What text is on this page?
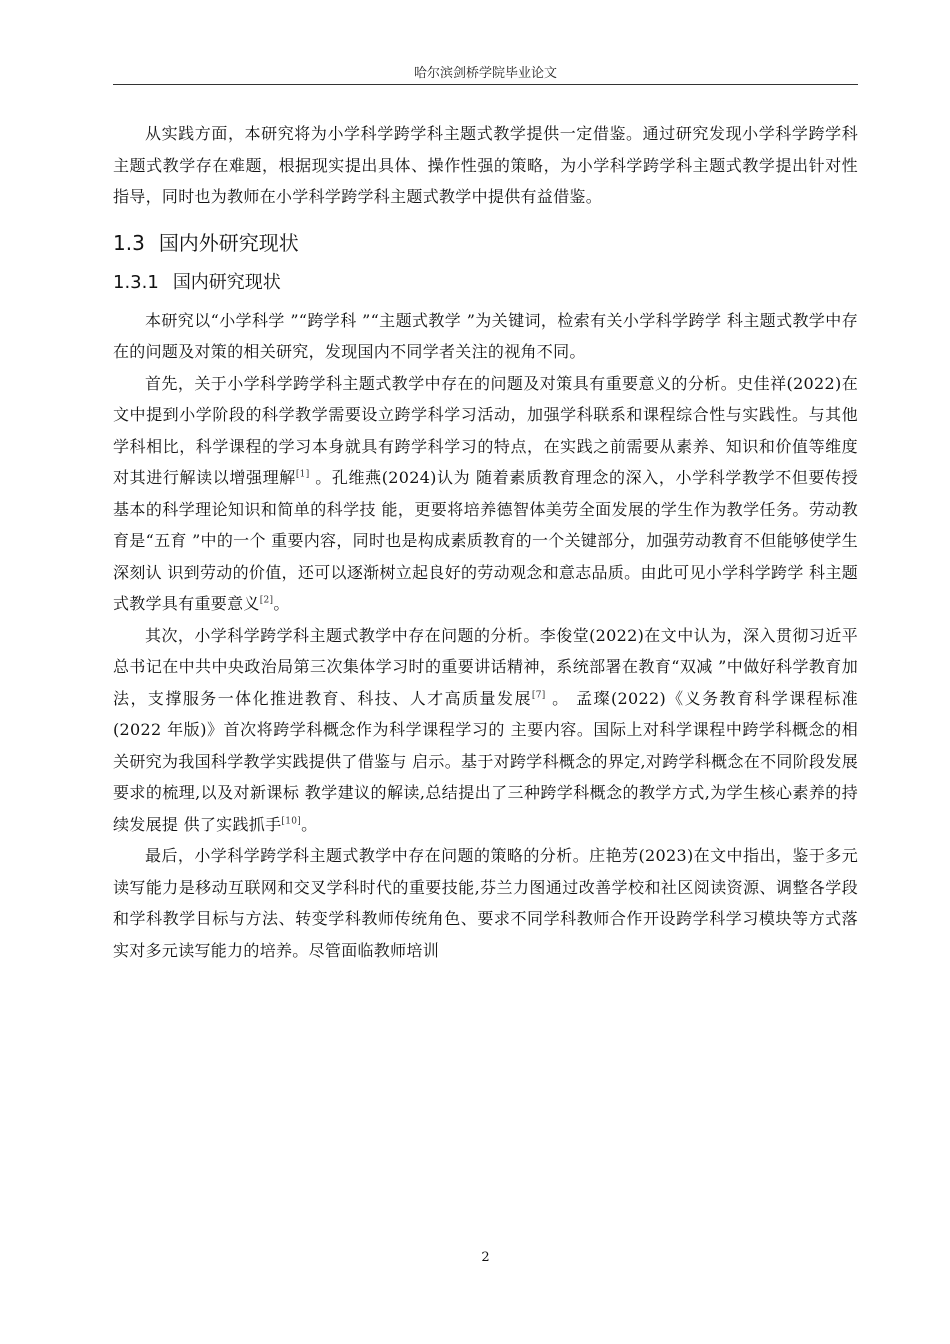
哈尔滨剑桥学院毕业论文

从实践方面，本研究将为小学科学跨学科主题式教学提供一定借鉴。通过研究发现小学科学跨学科主题式教学存在难题，根据现实提出具体、操作性强的策略，为小学科学跨学科主题式教学提出针对性指导，同时也为教师在小学科学跨学科主题式教学中提供有益借鉴。

1.3 国内外研究现状
1.3.1 国内研究现状

本研究以“小学科学 ”“跨学科 ”“主题式教学 ”为关键词，检索有关小学科学跨学 科主题式教学中存在的问题及对策的相关研究，发现国内不同学者关注的视角不同。

首先，关于小学科学跨学科主题式教学中存在的问题及对策具有重要意义的分析。史佳祥(2022)在文中提到小学阶段的科学教学需要设立跨学科学习活动，加强学科联系和课程综合性与实践性。与其他学科相比，科学课程的学习本身就具有跨学科学习的特点，在实践之前需要从素养、知识和价值等维度对其进行解读以增强理解[1] 。孔维燕(2024)认为 随着素质教育理念的深入，小学科学教学不但要传授基本的科学理论知识和简单的科学技 能，更要将培养德智体美劳全面发展的学生作为教学任务。劳动教育是“五育 ”中的一个 重要内容，同时也是构成素质教育的一个关键部分，加强劳动教育不但能够使学生深刻认 识到劳动的价值，还可以逐渐树立起良好的劳动观念和意志品质。由此可见小学科学跨学 科主题式教学具有重要意义[2]。

其次，小学科学跨学科主题式教学中存在问题的分析。李俊堂(2022)在文中认为，深入贯彻习近平总书记在中共中央政治局第三次集体学习时的重要讲话精神，系统部署在教育“双减 ”中做好科学教育加法，支撑服务一体化推进教育、科技、人才高质量发展[7] 。 孟璨(2022)《义务教育科学课程标准(2022 年版)》首次将跨学科概念作为科学课程学习的 主要内容。国际上对科学课程中跨学科概念的相关研究为我国科学教学实践提供了借鉴与 启示。基于对跨学科概念的界定,对跨学科概念在不同阶段发展要求的梳理,以及对新课标 教学建议的解读,总结提出了三种跨学科概念的教学方式,为学生核心素养的持续发展提 供了实践抓手[10]。

最后，小学科学跨学科主题式教学中存在问题的策略的分析。庄艳芳(2023)在文中指出，鉴于多元读写能力是移动互联网和交叉学科时代的重要技能,芬兰力图通过改善学校和社区阅读资源、调整各学段和学科教学目标与方法、转变学科教师传统角色、要求不同学科教师合作开设跨学科学习模块等方式落实对多元读写能力的培养。尽管面临教师培训

2
